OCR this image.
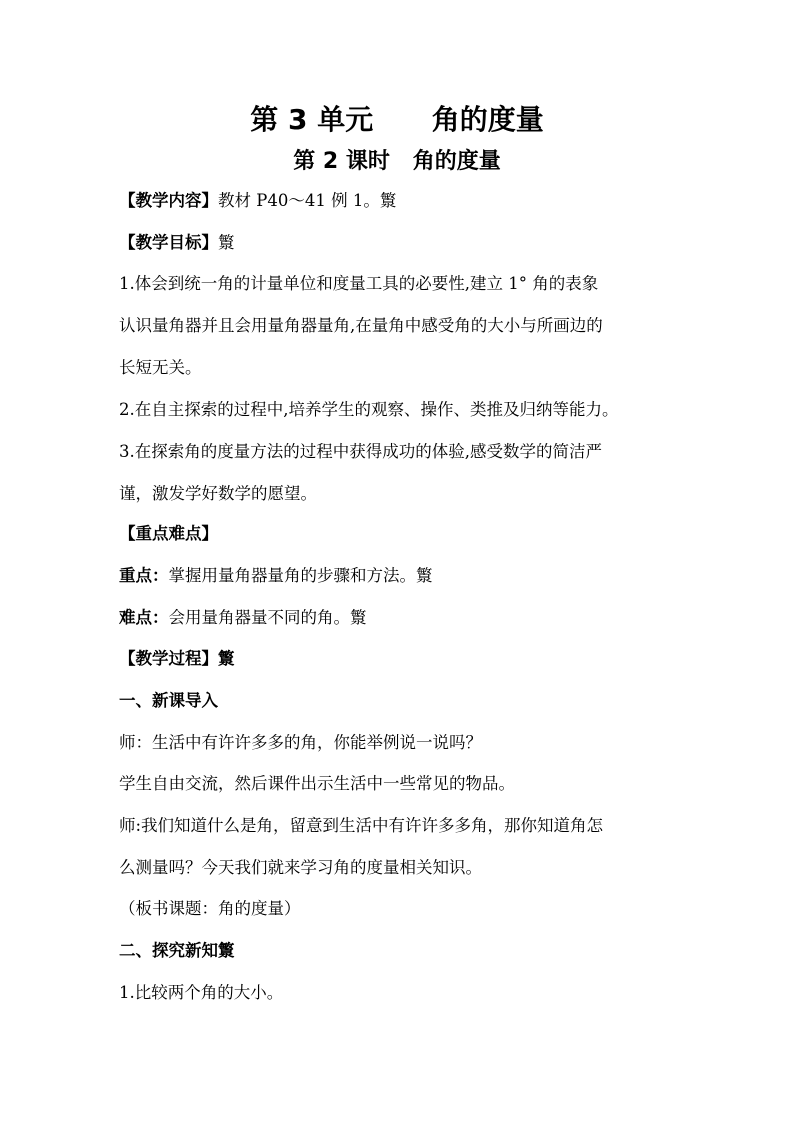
第 3 单元      角的度量
第 2 课时   角的度量
【教学内容】教材 P40～41 例 1。瀪
【教学目标】瀪
1.体会到统一角的计量单位和度量工具的必要性,建立 1° 角的表象
认识量角器并且会用量角器量角,在量角中感受角的大小与所画边的
长短无关。
2.在自主探索的过程中,培养学生的观察、操作、类推及归纳等能力。
3.在探索角的度量方法的过程中获得成功的体验,感受数学的简洁严
谨，激发学好数学的愿望。
【重点难点】
重点：掌握用量角器量角的步骤和方法。瀪
难点：会用量角器量不同的角。瀪
【教学过程】瀪
一、新课导入
师：生活中有许许多多的角，你能举例说一说吗？
学生自由交流，然后课件出示生活中一些常见的物品。
师:我们知道什么是角，留意到生活中有许许多多角，那你知道角怎
么测量吗？今天我们就来学习角的度量相关知识。
（板书课题：角的度量）
二、探究新知瀪
1.比较两个角的大小。
